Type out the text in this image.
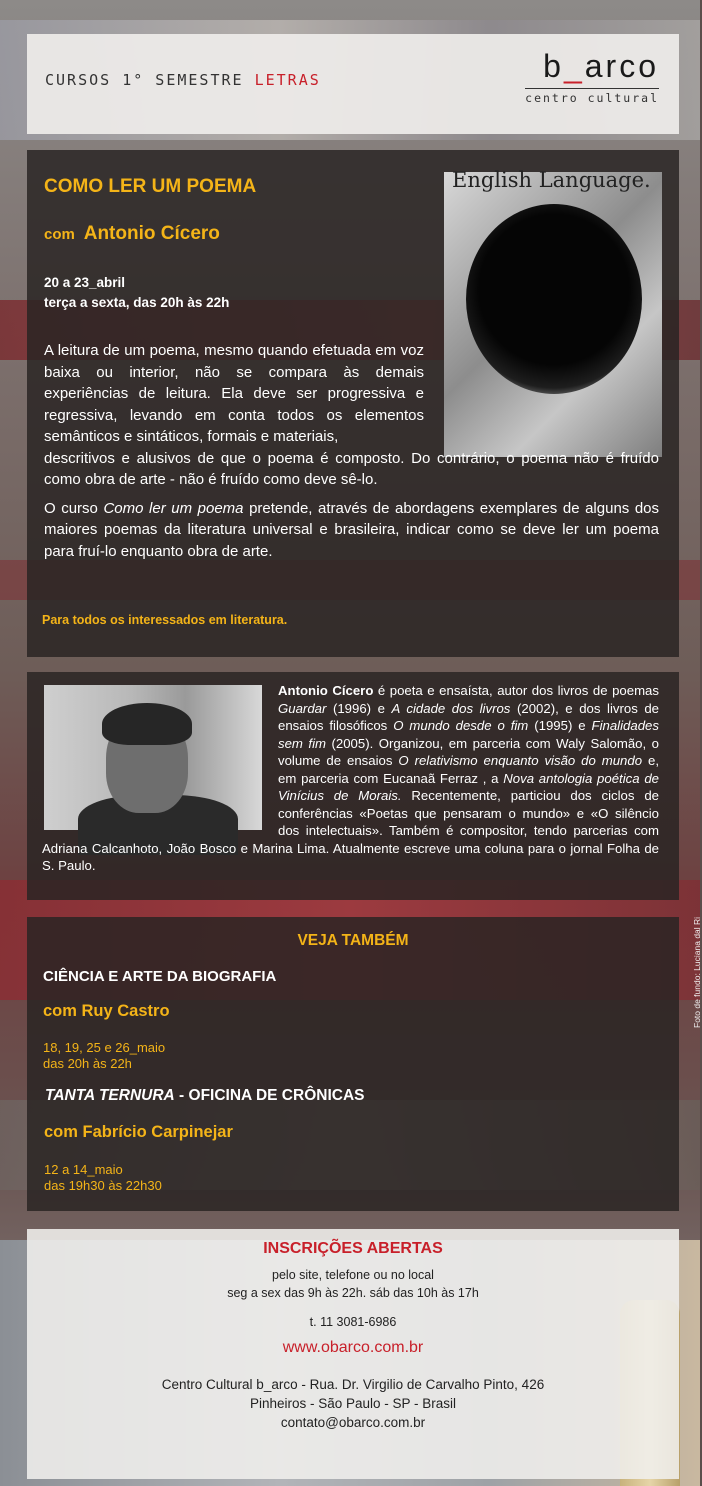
CURSOS 1° SEMESTRE LETRAS	b_arco
centro cultural
COMO LER UM POEMA

com Antonio Cícero

20 a 23_abril
terça a sexta, das 20h às 22h
English Language.

A leitura de um poema, mesmo quando efetuada em voz baixa ou interior, não se compara às demais experiências de leitura. Ela deve ser progressiva e regressiva, levando em conta todos os elementos semânticos e sintáticos, formais e materiais,
descritivos e alusivos de que o poema é composto. Do contrário, o poema não é fruído como obra de arte - não é fruído como deve sê-lo.

O curso Como ler um poema pretende, através de abordagens exemplares de alguns dos maiores poemas da literatura universal e brasileira, indicar como se deve ler um poema para fruí-lo enquanto obra de arte.

Para todos os interessados em literatura.
Antonio Cícero é poeta e ensaísta, autor dos livros de poemas Guardar (1996) e A cidade dos livros (2002), e dos livros de ensaios filosóficos O mundo desde o fim (1995) e Finalidades sem fim (2005). Organizou, em parceria com Waly Salomão, o volume de ensaios O relativismo enquanto visão do mundo e, em parceria com Eucanaã Ferraz , a Nova antologia poética de Vinícius de Morais. Recentemente, particiou dos ciclos de conferências «Poetas que pensaram o mundo» e «O silêncio dos intelectuais». Também é compositor, tendo parcerias com Adriana Calcanhoto, João Bosco e Marina Lima. Atualmente escreve uma coluna para o jornal Folha de S. Paulo.
VEJA TAMBÉM
CIÊNCIA E ARTE DA BIOGRAFIA
com Ruy Castro
18, 19, 25 e 26_maio
das 20h às 22h
TANTA TERNURA - OFICINA DE CRÔNICAS
com Fabrício Carpinejar
12 a 14_maio
das 19h30 às 22h30
INSCRIÇÕES ABERTAS
pelo site, telefone ou no local
seg a sex das 9h às 22h. sáb das 10h às 17h
t. 11 3081-6986
www.obarco.com.br
Centro Cultural b_arco - Rua. Dr. Virgilio de Carvalho Pinto, 426
Pinheiros - São Paulo - SP - Brasil
contato@obarco.com.br
Foto de fundo: Luciana dal Ri
